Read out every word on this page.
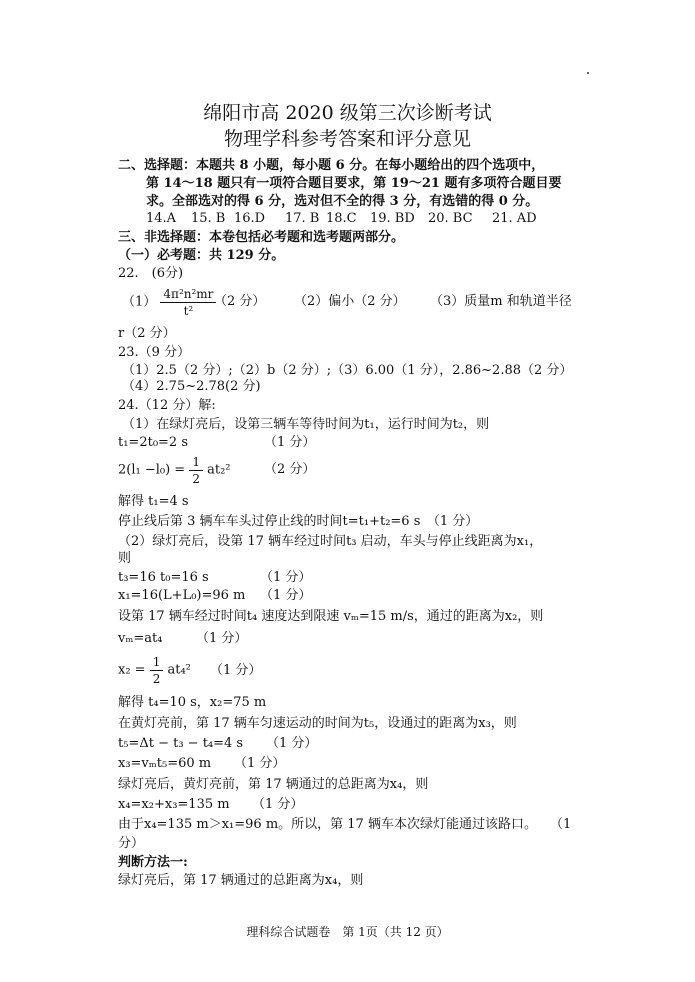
绵阳市高 2020 级第三次诊断考试
物理学科参考答案和评分意见
二、选择题：本题共 8 小题，每小题 6 分。在每小题给出的四个选项中，
第 14～18 题只有一项符合题目要求，第 19～21 题有多项符合题目要
求。全部选对的得 6 分，选对但不全的得 3 分，有选错的得 0 分。
14.A 15. B 16.D 17. B 18.C 19. BD 20. BC 21. AD
三、非选择题：本卷包括必考题和选考题两部分。
（一）必考题：共 129 分。
22.　(6分)
$(1) \frac{\text{4π²n²mr}}{\text{t²}}$
（2 分） （2）偏小（2 分） （3）质量m 和轨道半径
r（2 分）
23.（9 分）
（1）2.5（2 分）;（2）b（2 分）;（3）6.00（1 分），2.86~2.88（2 分）
（4）2.75~2.78(2 分)
24.（12 分）解:
（1）在绿灯亮后，设第三辆车等待时间为t₁，运行时间为t₂，则
t₁=2t₀=2 s	（1 分）
$2(l_1 -l_0) = \frac{1}{2} at_2^2$	（2 分）
解得 t₁=4 s
停止线后第 3 辆车车头过停止线的时间t=t₁+t₂=6 s　（1 分）
（2）绿灯亮后，设第 17 辆车经过时间t₃ 启动，车头与停止线距离为x₁，
则
t₃=16 t₀=16 s	（1 分）
x₁=16(L+L₀)=96 m （1 分）
设第 17 辆车经过时间t₄ 速度达到限速 vₘ=15 m/s，通过的距离为x₂，则
vₘ=at₄	（1 分）
$x_2 = \frac{1}{2} at_4^2$ （1 分）
解得 t₄=10 s，x₂=75 m
在黄灯亮前，第 17 辆车匀速运动的时间为t₅，设通过的距离为x₃，则
t₅=Δt − t₃ − t₄=4 s （1 分）
x₃=vₘt₅=60 m （1 分）
绿灯亮后，黄灯亮前，第 17 辆通过的总距离为x₄，则
x₄=x₂+x₃=135 m （1 分）
由于x₄=135 m＞x₁=96 m。所以，第 17 辆车本次绿灯能通过该路口。 （1
分）
判断方法一:
绿灯亮后，第 17 辆通过的总距离为x₄，则
理科综合试题卷　第 1页（共 12 页）
